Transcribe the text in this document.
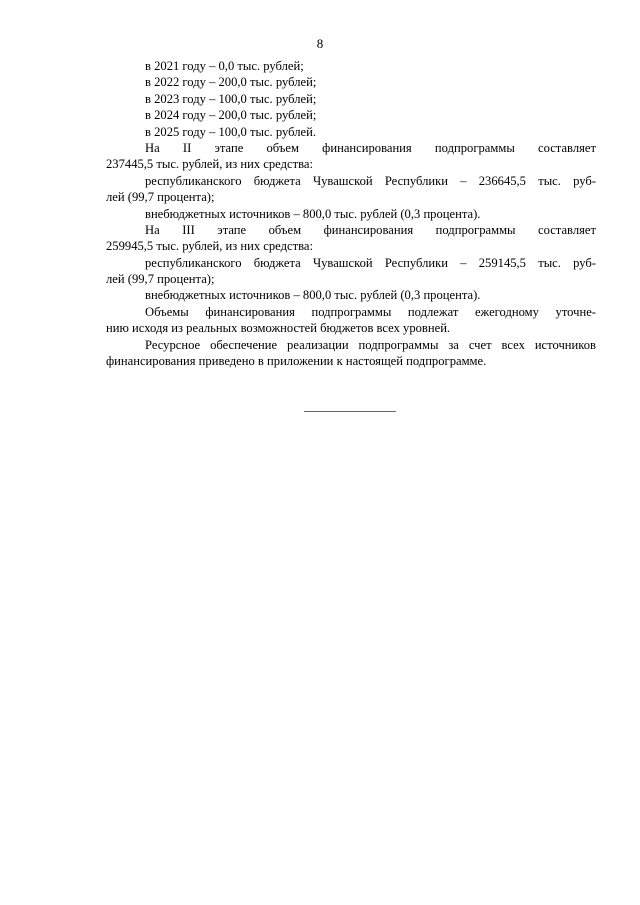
8
в 2021 году – 0,0 тыс. рублей;
в 2022 году – 200,0 тыс. рублей;
в 2023 году – 100,0 тыс. рублей;
в 2024 году – 200,0 тыс. рублей;
в 2025 году – 100,0 тыс. рублей.
На II этапе объем финансирования подпрограммы составляет
237445,5 тыс. рублей, из них средства:
республиканского бюджета Чувашской Республики – 236645,5 тыс. руб-
лей (99,7 процента);
внебюджетных источников – 800,0 тыс. рублей (0,3 процента).
На III этапе объем финансирования подпрограммы составляет
259945,5 тыс. рублей, из них средства:
республиканского бюджета Чувашской Республики – 259145,5 тыс. руб-
лей (99,7 процента);
внебюджетных источников – 800,0 тыс. рублей (0,3 процента).
Объемы финансирования подпрограммы подлежат ежегодному уточне-
нию исходя из реальных возможностей бюджетов всех уровней.
Ресурсное обеспечение реализации подпрограммы за счет всех источников
финансирования приведено в приложении к настоящей подпрограмме.
